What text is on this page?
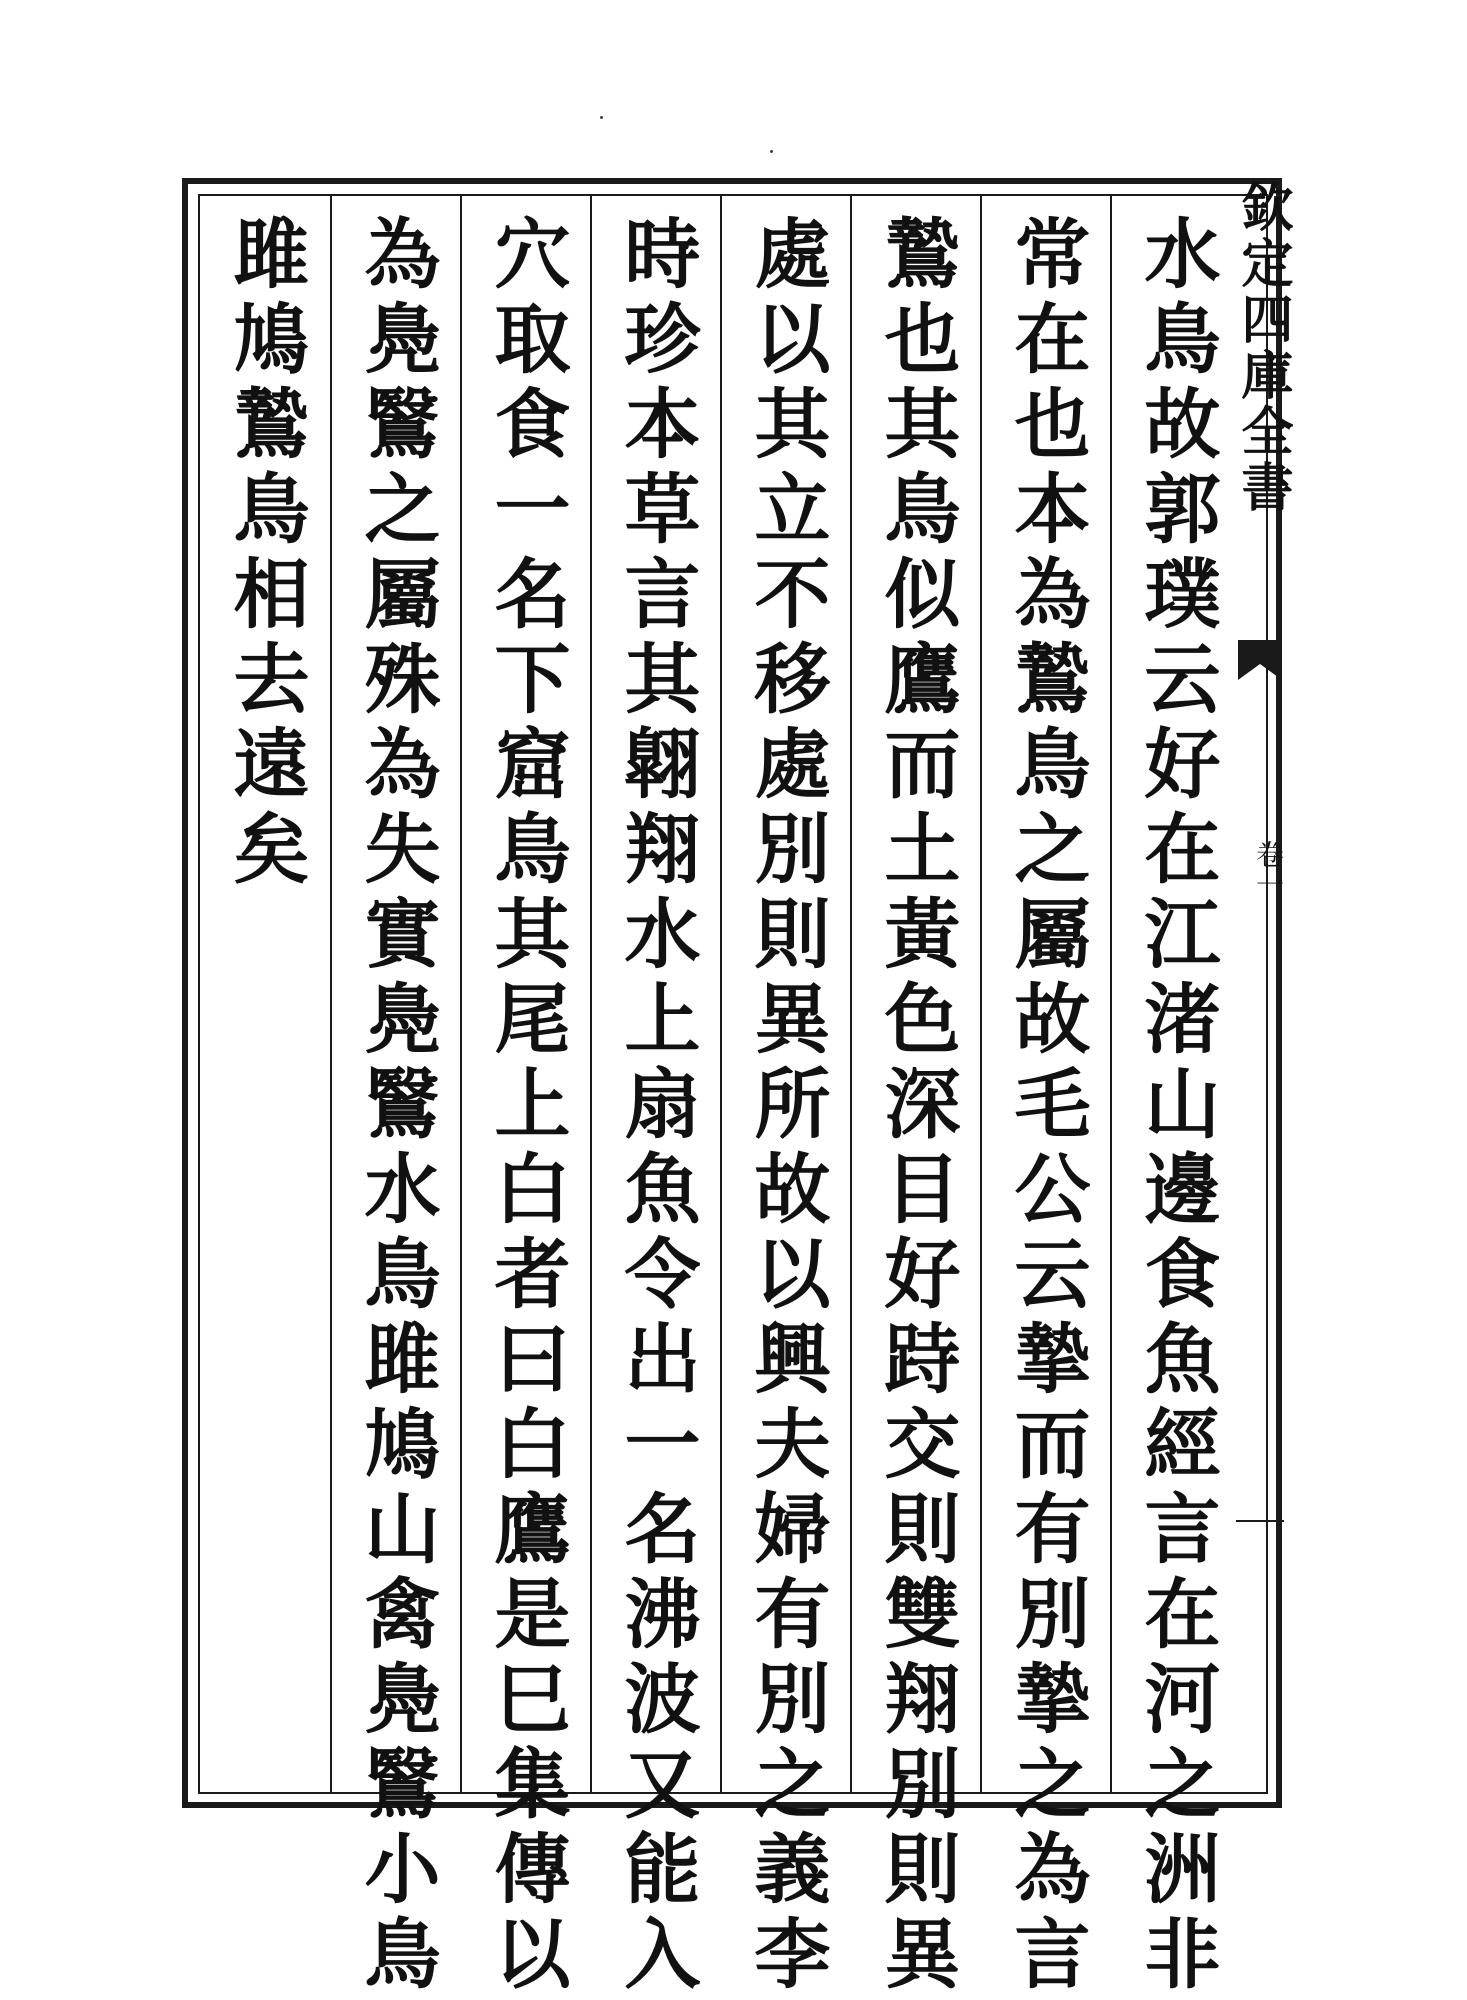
水鳥故郭璞云好在江渚山邊食魚經言在河之洲非
常在也本為鷙鳥之屬故毛公云摯而有別摯之為言
鷙也其鳥似鷹而土黃色深目好跱交則雙翔別則異
處以其立不移處別則異所故以興夫婦有別之義李
時珍本草言其翺翔水上扇魚令出一名沸波又能入
穴取食一名下窟鳥其尾上白者曰白鷹是巳集傳以
為鳧鷖之屬殊為失實鳧鷖水鳥雎鳩山禽鳧鷖小鳥
雎鳩鷙鳥相去遠矣	欽定四庫全書
卷一
